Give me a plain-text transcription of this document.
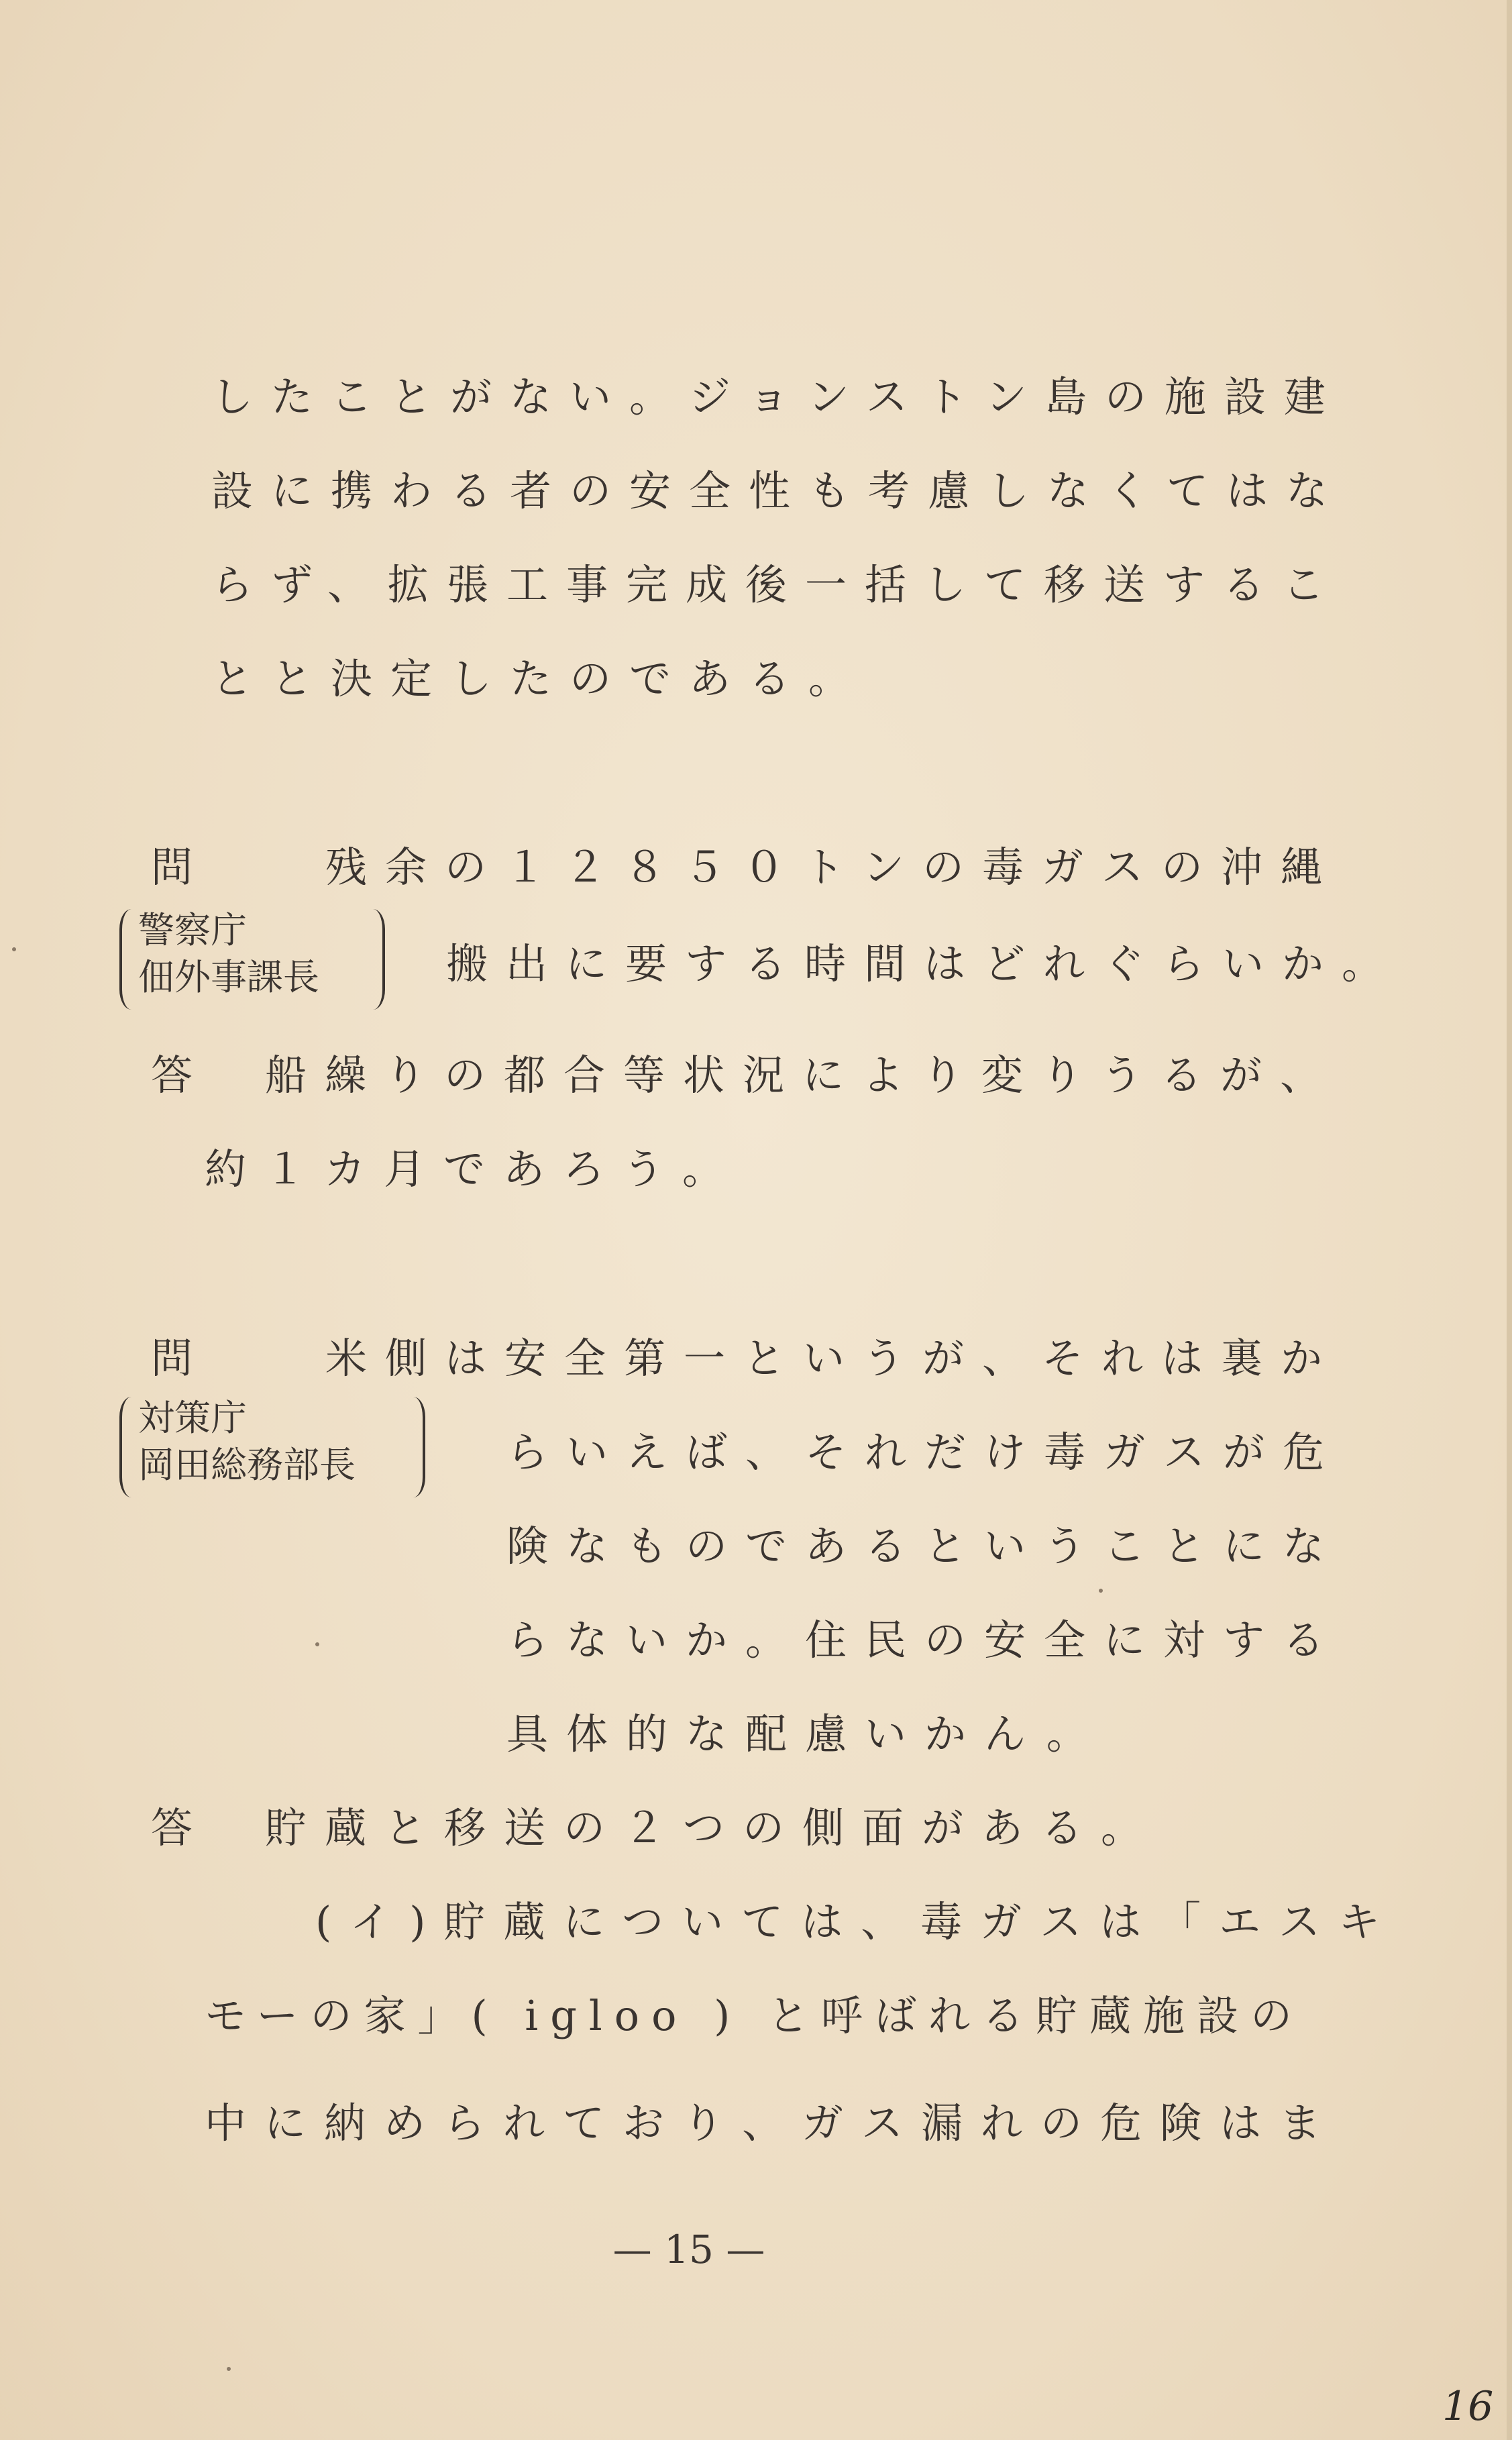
したことがない。ジョンストン島の施設建
設に携わる者の安全性も考慮しなくてはな
らず、拡張工事完成後一括して移送するこ
とと決定したのである。
問	残余の１２８５０トンの毒ガスの沖縄
警察庁
佃外事課長	搬出に要する時間はどれぐらいか。
答 船繰りの都合等状況により変りうるが、
約１カ月であろう。
問	米側は安全第一というが、それは裏か
対策庁
岡田総務部長	らいえば、それだけ毒ガスが危
険なものであるということにな
らないか。住民の安全に対する
具体的な配慮いかん。
答 貯蔵と移送の２つの側面がある。
(イ)貯蔵については、毒ガスは「エスキ
モーの家」( igloo ) と呼ばれる貯蔵施設の
中に納められており、ガス漏れの危険はま
— 15 —
16
